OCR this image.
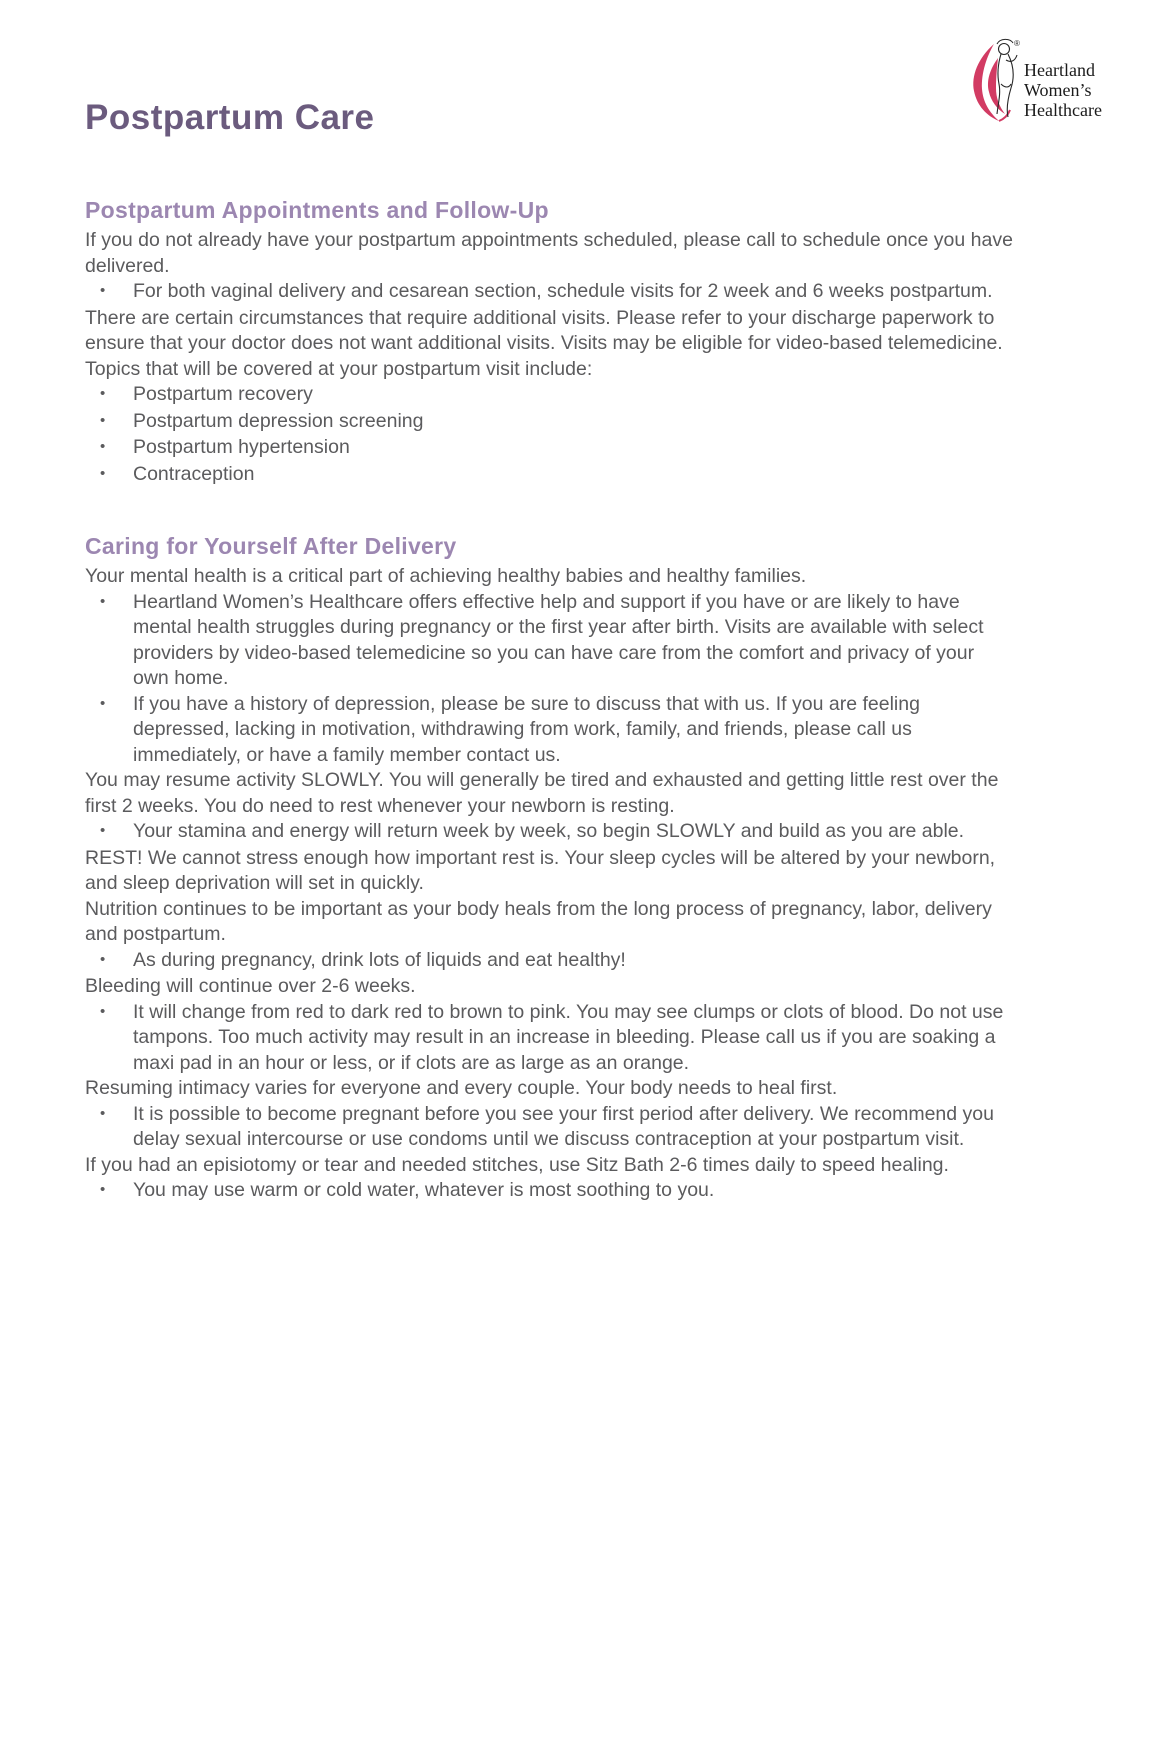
®
Heartland
Women’s
Healthcare
Postpartum Care
Postpartum Appointments and Follow-Up

If you do not already have your postpartum appointments scheduled, please call to schedule once you have delivered.

•
For both vaginal delivery and cesarean section, schedule visits for 2 week and 6 weeks postpartum.

There are certain circumstances that require additional visits. Please refer to your discharge paperwork to ensure that your doctor does not want additional visits. Visits may be eligible for video-based telemedicine.

Topics that will be covered at your postpartum visit include:

•
Postpartum recovery
•
Postpartum depression screening
•
Postpartum hypertension
•
Contraception
Caring for Yourself After Delivery

Your mental health is a critical part of achieving healthy babies and healthy families.

•
Heartland Women’s Healthcare offers effective help and support if you have or are likely to have mental health struggles during pregnancy or the first year after birth. Visits are available with select providers by video-based telemedicine so you can have care from the comfort and privacy of your own home.
•
If you have a history of depression, please be sure to discuss that with us. If you are feeling depressed, lacking in motivation, withdrawing from work, family, and friends, please call us immediately, or have a family member contact us.

You may resume activity SLOWLY. You will generally be tired and exhausted and getting little rest over the first 2 weeks. You do need to rest whenever your newborn is resting.

•
Your stamina and energy will return week by week, so begin SLOWLY and build as you are able.

REST! We cannot stress enough how important rest is. Your sleep cycles will be altered by your newborn, and sleep deprivation will set in quickly.

Nutrition continues to be important as your body heals from the long process of pregnancy, labor, delivery and postpartum.

•
As during pregnancy, drink lots of liquids and eat healthy!

Bleeding will continue over 2-6 weeks.

•
It will change from red to dark red to brown to pink. You may see clumps or clots of blood. Do not use tampons. Too much activity may result in an increase in bleeding. Please call us if you are soaking a maxi pad in an hour or less, or if clots are as large as an orange.

Resuming intimacy varies for everyone and every couple. Your body needs to heal first.

•
It is possible to become pregnant before you see your first period after delivery. We recommend you delay sexual intercourse or use condoms until we discuss contraception at your postpartum visit.

If you had an episiotomy or tear and needed stitches, use Sitz Bath 2-6 times daily to speed healing.

•
You may use warm or cold water, whatever is most soothing to you.
